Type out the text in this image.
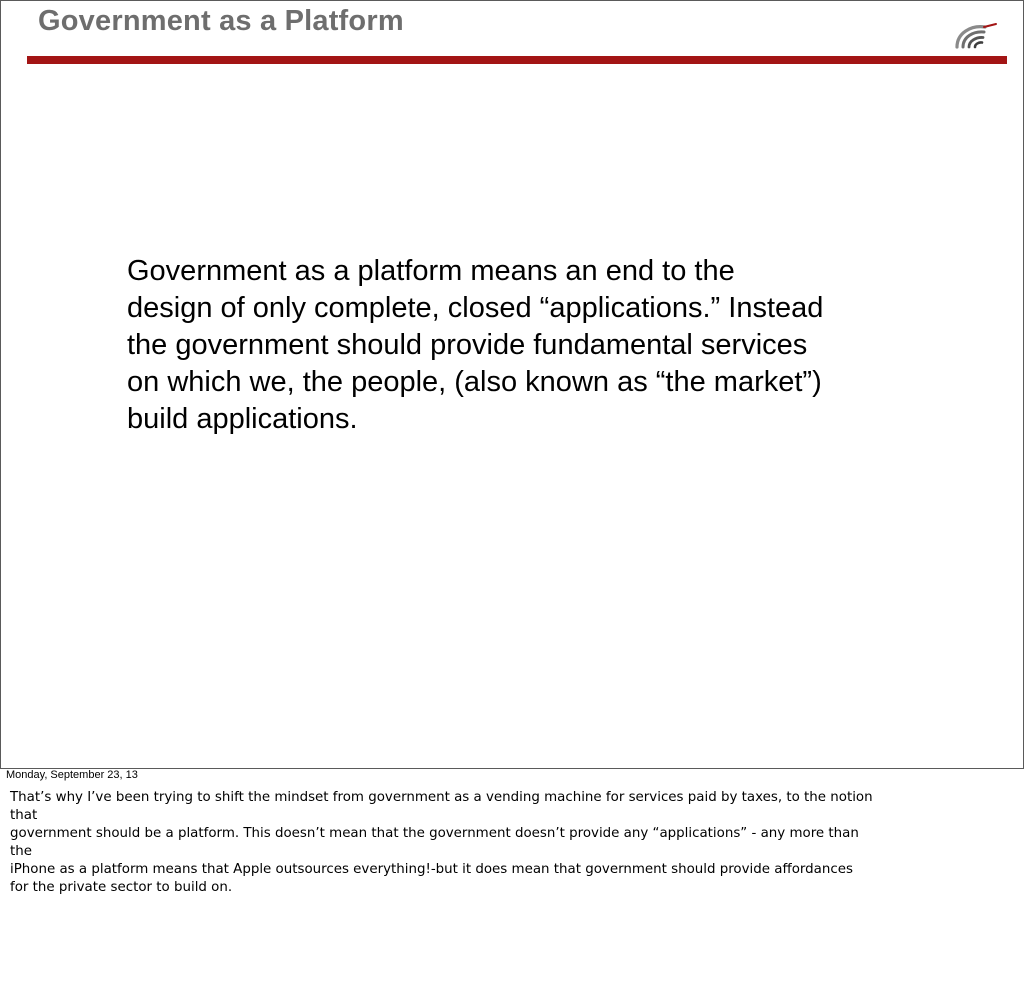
Government as a Platform
Government as a platform means an end to the
design of only complete, closed “applications.” Instead
the government should provide fundamental services
on which we, the people, (also known as “the market”)
build applications.
Monday, September 23, 13
That’s why I’ve been trying to shift the mindset from government as a vending machine for services paid by taxes, to the notion
that
government should be a platform. This doesn’t mean that the government doesn’t provide any “applications” - any more than
the
iPhone as a platform means that Apple outsources everything!-but it does mean that government should provide affordances
for the private sector to build on.
